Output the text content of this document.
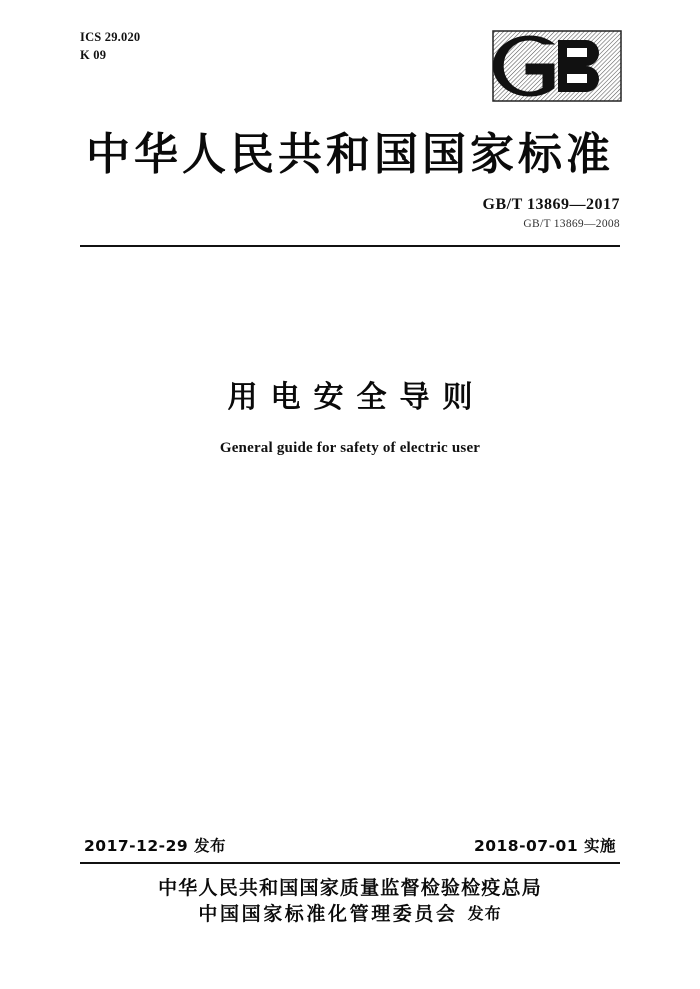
ICS 29.020
K 09
中华人民共和国国家标准
GB/T 13869—2017
GB/T 13869—2008
用电安全导则
General guide for safety of electric user
2017-12-29 发布	2018-07-01 实施
中华人民共和国国家质量监督检验检疫总局
中国国家标准化管理委员会 发布
